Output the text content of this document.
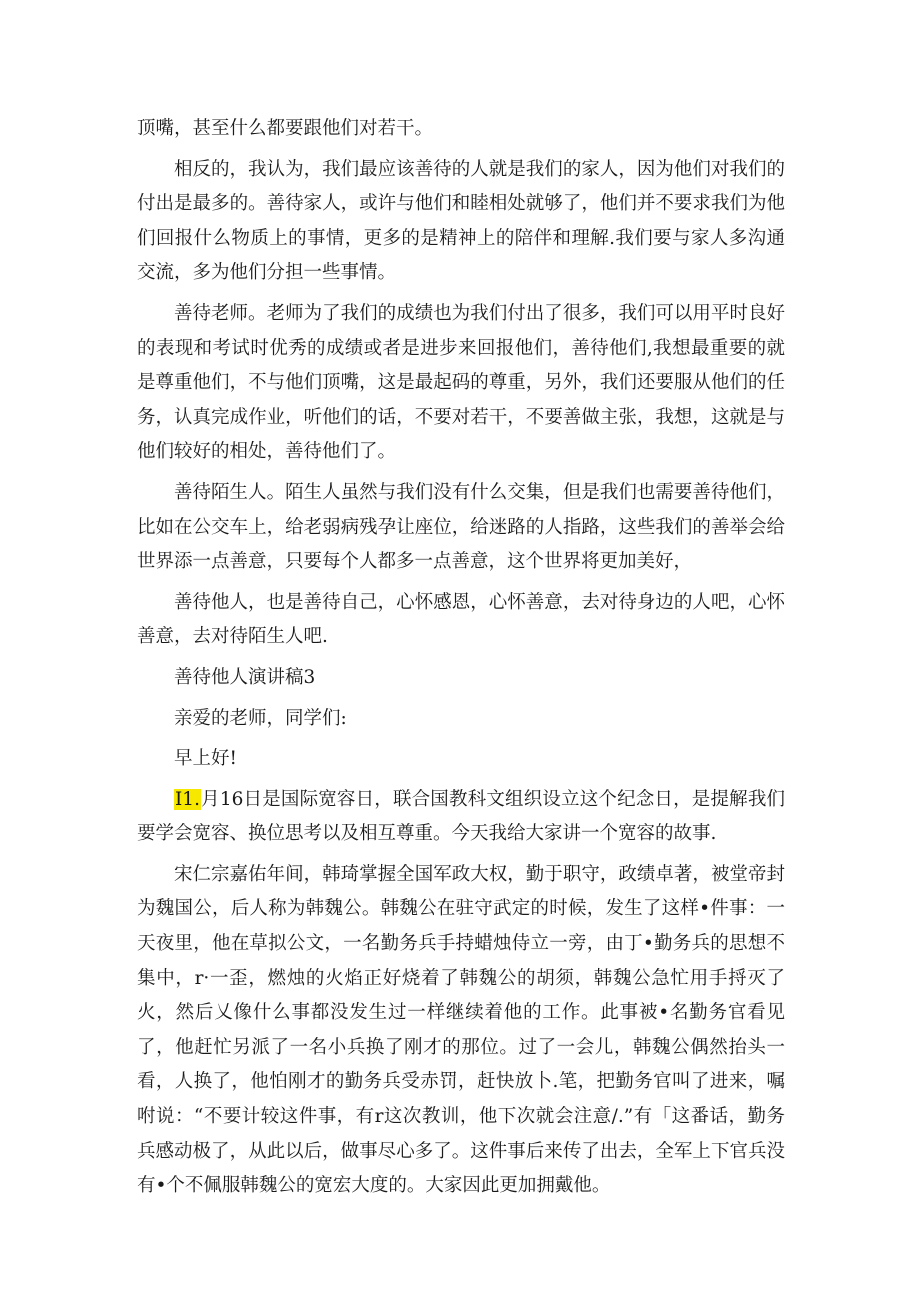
顶嘴，甚至什么都要跟他们对若干。

相反的，我认为，我们最应该善待的人就是我们的家人，因为他们对我们的付出是最多的。善待家人，或许与他们和睦相处就够了，他们并不要求我们为他们回报什么物质上的事情，更多的是精神上的陪伴和理解.我们要与家人多沟通交流，多为他们分担一些事情。

善待老师。老师为了我们的成绩也为我们付出了很多，我们可以用平时良好的表现和考试时优秀的成绩或者是进步来回报他们，善待他们,我想最重要的就是尊重他们，不与他们顶嘴，这是最起码的尊重，另外，我们还要服从他们的任务，认真完成作业，听他们的话，不要对若干，不要善做主张，我想，这就是与他们较好的相处，善待他们了。

善待陌生人。陌生人虽然与我们没有什么交集，但是我们也需要善待他们，比如在公交车上，给老弱病残孕让座位，给迷路的人指路，这些我们的善举会给世界添一点善意，只要每个人都多一点善意，这个世界将更加美好，

善待他人，也是善待自己，心怀感恩，心怀善意，去对待身边的人吧，心怀善意，去对待陌生人吧.

善待他人演讲稿3

亲爱的老师，同学们:

早上好!

I1.月16日是国际宽容日，联合国教科文组织设立这个纪念日，是提解我们要学会宽容、换位思考以及相互尊重。今天我给大家讲一个宽容的故事.

宋仁宗嘉佑年间，韩琦掌握全国军政大权，勤于职守，政绩卓著，被堂帝封为魏国公，后人称为韩魏公。韩魏公在驻守武定的时候，发生了这样•件事：一天夜里，他在草拟公文，一名勤务兵手持蜡烛侍立一旁，由丁•勤务兵的思想不集中，r·一歪，燃烛的火焰正好烧着了韩魏公的胡须，韩魏公急忙用手捋灭了火，然后乂像什么事都没发生过一样继续着他的工作。此事被•名勤务官看见了，他赶忙另派了一名小兵换了刚才的那位。过了一会儿，韩魏公偶然抬头一看，人换了，他怕刚才的勤务兵受赤罚，赶快放卜.笔，把勤务官叫了进来，嘱咐说：“不要计较这件事，有r这次教训，他下次就会注意/.”有「这番话，勤务兵感动极了，从此以后，做事尽心多了。这件事后来传了出去，全军上下官兵没有•个不佩服韩魏公的宽宏大度的。大家因此更加拥戴他。
